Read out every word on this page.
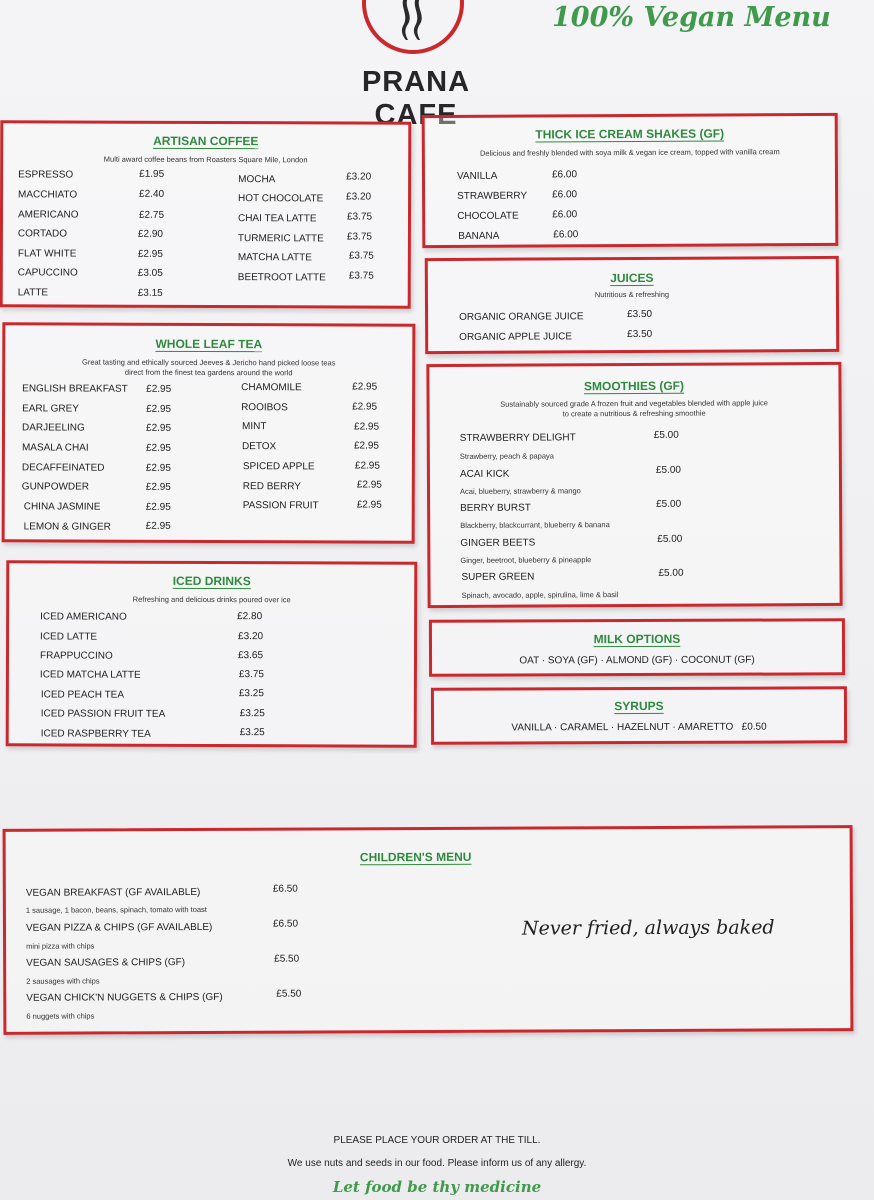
PRANA CAFE
100% Vegan Menu
ARTISAN COFFEE
Multi award coffee beans from Roasters Square Mile, London
ESPRESSO	£1.95
MACCHIATO	£2.40
AMERICANO	£2.75
CORTADO	£2.90
FLAT WHITE	£2.95
CAPUCCINO	£3.05
LATTE	£3.15
MOCHA	£3.20
HOT CHOCOLATE £3.20
CHAI TEA LATTE	£3.75
TURMERIC LATTE £3.75
MATCHA LATTE	£3.75
BEETROOT LATTE £3.75
WHOLE LEAF TEA
Great tasting and ethically sourced Jeeves & Jericho hand picked loose teas
direct from the finest tea gardens around the world
ENGLISH BREAKFAST £2.95
EARL GREY	£2.95
DARJEELING	£2.95
MASALA CHAI	£2.95
DECAFFEINATED	£2.95
GUNPOWDER	£2.95
CHINA JASMINE	£2.95
LEMON & GINGER	£2.95
CHAMOMILE	£2.95
ROOIBOS	£2.95
MINT	£2.95
DETOX	£2.95
SPICED APPLE	£2.95
RED BERRY	£2.95
PASSION FRUIT	£2.95
ICED DRINKS
Refreshing and delicious drinks poured over ice
ICED AMERICANO	£2.80
ICED LATTE	£3.20
FRAPPUCCINO	£3.65
ICED MATCHA LATTE	£3.75
ICED PEACH TEA	£3.25
ICED PASSION FRUIT TEA	£3.25
ICED RASPBERRY TEA	£3.25
THICK ICE CREAM SHAKES (GF)
Delicious and freshly blended with soya milk & vegan ice cream, topped with vanilla cream
VANILLA	£6.00
STRAWBERRY £6.00
CHOCOLATE	£6.00
BANANA	£6.00
JUICES
Nutritious & refreshing
ORGANIC ORANGE JUICE	£3.50
ORGANIC APPLE JUICE	£3.50
SMOOTHIES (GF)
Sustainably sourced grade A frozen fruit and vegetables blended with apple juice
to create a nutritious & refreshing smoothie
STRAWBERRY DELIGHT	£5.00
Strawberry, peach & papaya
ACAI KICK	£5.00
Acai, blueberry, strawberry & mango
BERRY BURST	£5.00
Blackberry, blackcurrant, blueberry & banana
GINGER BEETS	£5.00
Ginger, beetroot, blueberry & pineapple
SUPER GREEN	£5.00
Spinach, avocado, apple, spirulina, lime & basil
MILK OPTIONS
OAT · SOYA (GF) · ALMOND (GF) · COCONUT (GF)
SYRUPS
VANILLA · CARAMEL · HAZELNUT · AMARETTO   £0.50
CHILDREN'S MENU
VEGAN BREAKFAST (GF AVAILABLE)	£6.50
1 sausage, 1 bacon, beans, spinach, tomato with toast
VEGAN PIZZA & CHIPS (GF AVAILABLE)	£6.50
mini pizza with chips
VEGAN SAUSAGES & CHIPS (GF)	£5.50
2 sausages with chips
VEGAN CHICK'N NUGGETS & CHIPS (GF)	£5.50
6 nuggets with chips
Never fried, always baked
PLEASE PLACE YOUR ORDER AT THE TILL.
We use nuts and seeds in our food. Please inform us of any allergy.
Let food be thy medicine
